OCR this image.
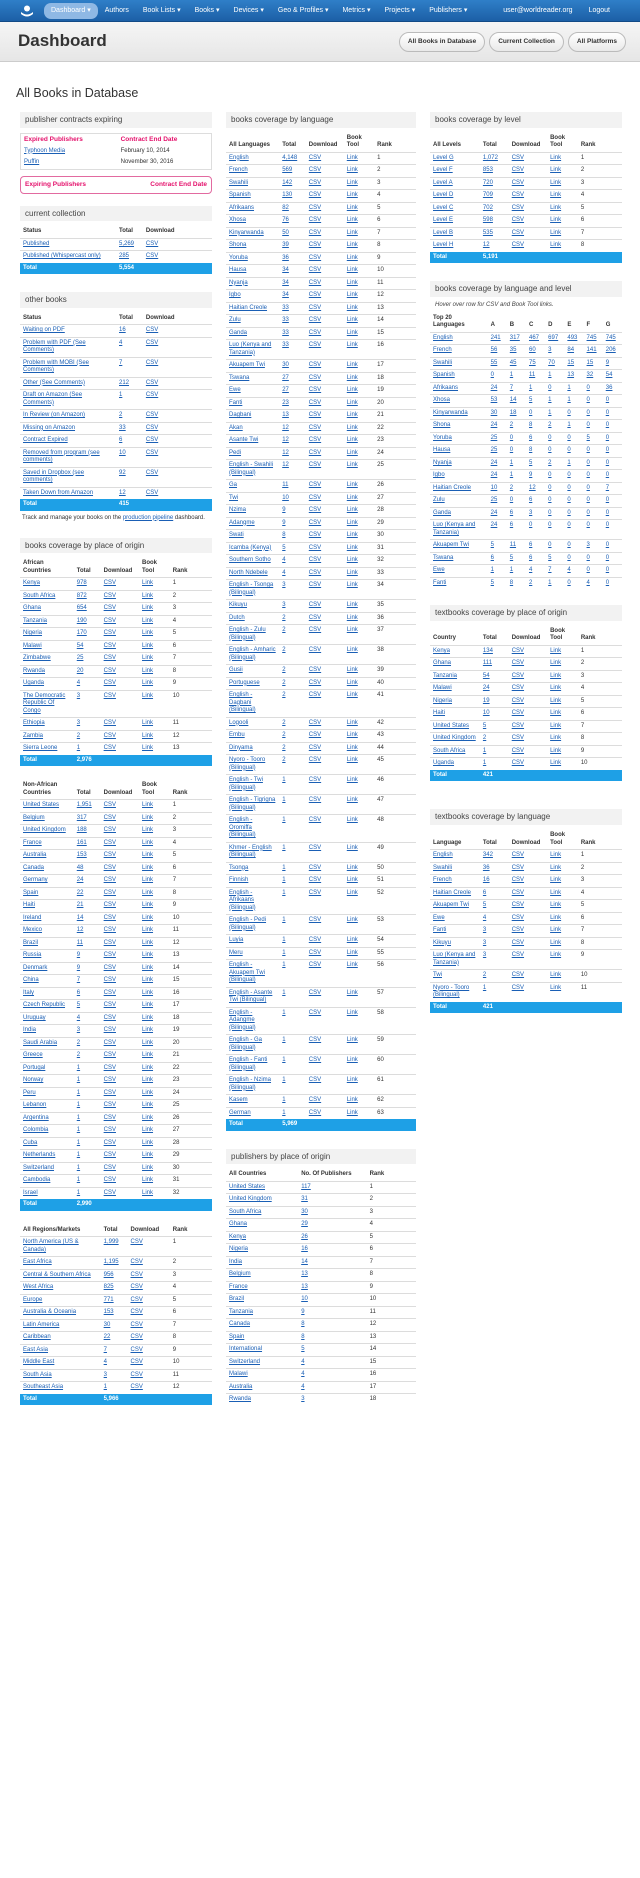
Dashboard ▾	Authors	Book Lists ▾	Books ▾	Devices ▾	Geo & Profiles ▾	Metrics ▾	Projects ▾	Publishers ▾	user@worldreader.org	Logout
Dashboard	All Books in Database	Current Collection	All Platforms
All Books in Database
publisher contracts expiring
Expired Publishers	Contract End Date
Typhoon Media	February 10, 2014
Puffin	November 30, 2016
Expiring Publishers	Contract End Date
current collection
Status	Total	Download
Published	5,269	CSV
Published (Whispercast only)	285	CSV
Total	5,554	
other books
Status	Total	Download
Waiting on PDF	16	CSV
Problem with PDF (See Comments)	4	CSV
Problem with MOBI (See Comments)	7	CSV
Other (See Comments)	212	CSV
Draft on Amazon (See Comments)	1	CSV
In Review (on Amazon)	2	CSV
Missing on Amazon	33	CSV
Contract Expired	6	CSV
Removed from program (see comments)	10	CSV
Saved in Dropbox (see comments)	92	CSV
Taken Down from Amazon	12	CSV
Total	415	
Track and manage your books on the production pipeline dashboard.
books coverage by place of origin
African Countries	Total	Download	Book Tool	Rank
Kenya	978	CSV	Link	1
South Africa	872	CSV	Link	2
Ghana	654	CSV	Link	3
Tanzania	190	CSV	Link	4
Nigeria	170	CSV	Link	5
Malawi	54	CSV	Link	6
Zimbabwe	25	CSV	Link	7
Rwanda	20	CSV	Link	8
Uganda	4	CSV	Link	9
The Democratic Republic Of Congo	3	CSV	Link	10
Ethiopia	3	CSV	Link	11
Zambia	2	CSV	Link	12
Sierra Leone	1	CSV	Link	13
Total	2,976			
Non-African Countries	Total	Download	Book Tool	Rank
United States	1,951	CSV	Link	1
Belgium	317	CSV	Link	2
United Kingdom	188	CSV	Link	3
France	161	CSV	Link	4
Australia	153	CSV	Link	5
Canada	48	CSV	Link	6
Germany	24	CSV	Link	7
Spain	22	CSV	Link	8
Haiti	21	CSV	Link	9
Ireland	14	CSV	Link	10
Mexico	12	CSV	Link	11
Brazil	11	CSV	Link	12
Russia	9	CSV	Link	13
Denmark	9	CSV	Link	14
China	7	CSV	Link	15
Italy	6	CSV	Link	16
Czech Republic	5	CSV	Link	17
Uruguay	4	CSV	Link	18
India	3	CSV	Link	19
Saudi Arabia	2	CSV	Link	20
Greece	2	CSV	Link	21
Portugal	1	CSV	Link	22
Norway	1	CSV	Link	23
Peru	1	CSV	Link	24
Lebanon	1	CSV	Link	25
Argentina	1	CSV	Link	26
Colombia	1	CSV	Link	27
Cuba	1	CSV	Link	28
Netherlands	1	CSV	Link	29
Switzerland	1	CSV	Link	30
Cambodia	1	CSV	Link	31
Israel	1	CSV	Link	32
Total	2,990			
All Regions/Markets	Total	Download	Rank
North America (US & Canada)	1,999	CSV	1
East Africa	1,195	CSV	2
Central & Southern Africa	956	CSV	3
West Africa	825	CSV	4
Europe	771	CSV	5
Australia & Oceania	153	CSV	6
Latin America	30	CSV	7
Caribbean	22	CSV	8
East Asia	7	CSV	9
Middle East	4	CSV	10
South Asia	3	CSV	11
Southeast Asia	1	CSV	12
Total	5,966		
books coverage by language
All Languages	Total	Download	Book Tool	Rank
English	4,148	CSV	Link	1
French	569	CSV	Link	2
Swahili	142	CSV	Link	3
Spanish	130	CSV	Link	4
Afrikaans	82	CSV	Link	5
Xhosa	76	CSV	Link	6
Kinyarwanda	50	CSV	Link	7
Shona	39	CSV	Link	8
Yoruba	36	CSV	Link	9
Hausa	34	CSV	Link	10
Nyanja	34	CSV	Link	11
Igbo	34	CSV	Link	12
Haitian Creole	33	CSV	Link	13
Zulu	33	CSV	Link	14
Ganda	33	CSV	Link	15
Luo (Kenya and Tanzania)	33	CSV	Link	16
Akuapem Twi	30	CSV	Link	17
Tswana	27	CSV	Link	18
Ewe	27	CSV	Link	19
Fanti	23	CSV	Link	20
Dagbani	13	CSV	Link	21
Akan	12	CSV	Link	22
Asante Twi	12	CSV	Link	23
Pedi	12	CSV	Link	24
English - Swahili (Bilingual)	12	CSV	Link	25
Ga	11	CSV	Link	26
Twi	10	CSV	Link	27
Nzima	9	CSV	Link	28
Adangme	9	CSV	Link	29
Swati	8	CSV	Link	30
Icamba (Kenya)	5	CSV	Link	31
Southern Sotho	4	CSV	Link	32
North Ndebele	4	CSV	Link	33
English - Tsonga (Bilingual)	3	CSV	Link	34
Kikuyu	3	CSV	Link	35
Dutch	2	CSV	Link	36
English - Zulu (Bilingual)	2	CSV	Link	37
English - Amharic (Bilingual)	2	CSV	Link	38
Gusii	2	CSV	Link	39
Portuguese	2	CSV	Link	40
English - Dagbani (Bilingual)	2	CSV	Link	41
Logooli	2	CSV	Link	42
Embu	2	CSV	Link	43
Dinyama	2	CSV	Link	44
Nyoro - Tooro (Bilingual)	2	CSV	Link	45
English - Twi (Bilingual)	1	CSV	Link	46
English - Tigrigna (Bilingual)	1	CSV	Link	47
English - Oromiffa (Bilingual)	1	CSV	Link	48
Khmer - English (Bilingual)	1	CSV	Link	49
Tsonga	1	CSV	Link	50
Finnish	1	CSV	Link	51
English - Afrikaans (Bilingual)	1	CSV	Link	52
English - Pedi (Bilingual)	1	CSV	Link	53
Luyia	1	CSV	Link	54
Meru	1	CSV	Link	55
English - Akuapem Twi (Bilingual)	1	CSV	Link	56
English - Asante Twi (Bilingual)	1	CSV	Link	57
English - Adangme (Bilingual)	1	CSV	Link	58
English - Ga (Bilingual)	1	CSV	Link	59
English - Fanti (Bilingual)	1	CSV	Link	60
English - Nzima (Bilingual)	1	CSV	Link	61
Kasem	1	CSV	Link	62
German	1	CSV	Link	63
Total	5,969			
publishers by place of origin
All Countries	No. Of Publishers	Rank
United States	117	1
United Kingdom	31	2
South Africa	30	3
Ghana	29	4
Kenya	26	5
Nigeria	16	6
India	14	7
Belgium	13	8
France	13	9
Brazil	10	10
Tanzania	9	11
Canada	8	12
Spain	8	13
International	5	14
Switzerland	4	15
Malawi	4	16
Australia	4	17
Rwanda	3	18
books coverage by level
All Levels	Total	Download	Book Tool	Rank
Level G	1,072	CSV	Link	1
Level F	853	CSV	Link	2
Level A	720	CSV	Link	3
Level D	709	CSV	Link	4
Level C	702	CSV	Link	5
Level E	598	CSV	Link	6
Level B	535	CSV	Link	7
Level H	12	CSV	Link	8
Total	5,191			
books coverage by language and level
Hover over row for CSV and Book Tool links.
Top 20 Languages	A	B	C	D	E	F	G
English	241	317	467	697	493	745	745
French	56	35	60	3	84	141	206
Swahili	55	45	75	70	15	15	9
Spanish	0	1	11	1	13	32	54
Afrikaans	24	7	1	0	1	0	36
Xhosa	53	14	5	1	1	0	0
Kinyarwanda	30	18	0	1	0	0	0
Shona	24	2	8	2	1	0	0
Yoruba	25	0	6	0	0	5	0
Hausa	25	0	8	0	0	0	0
Nyanja	24	1	5	2	1	0	0
Igbo	24	1	9	0	0	0	0
Haitian Creole	10	2	12	0	0	0	7
Zulu	25	0	6	0	0	0	0
Ganda	24	6	3	0	0	0	0
Luo (Kenya and Tanzania)	24	6	0	0	0	0	0
Akuapem Twi	5	11	6	0	0	3	0
Tswana	6	5	6	5	0	0	0
Ewe	1	1	4	7	4	0	0
Fanti	5	8	2	1	0	4	0
textbooks coverage by place of origin
Country	Total	Download	Book Tool	Rank
Kenya	134	CSV	Link	1
Ghana	111	CSV	Link	2
Tanzania	54	CSV	Link	3
Malawi	24	CSV	Link	4
Nigeria	19	CSV	Link	5
Haiti	10	CSV	Link	6
United States	5	CSV	Link	7
United Kingdom	2	CSV	Link	8
South Africa	1	CSV	Link	9
Uganda	1	CSV	Link	10
Total	421			
textbooks coverage by language
Language	Total	Download	Book Tool	Rank
English	342	CSV	Link	1
Swahili	36	CSV	Link	2
French	16	CSV	Link	3
Haitian Creole	6	CSV	Link	4
Akuapem Twi	5	CSV	Link	5
Ewe	4	CSV	Link	6
Fanti	3	CSV	Link	7
Kikuyu	3	CSV	Link	8
Luo (Kenya and Tanzania)	3	CSV	Link	9
Twi	2	CSV	Link	10
Nyoro - Tooro (Bilingual)	1	CSV	Link	11
Total	421			
